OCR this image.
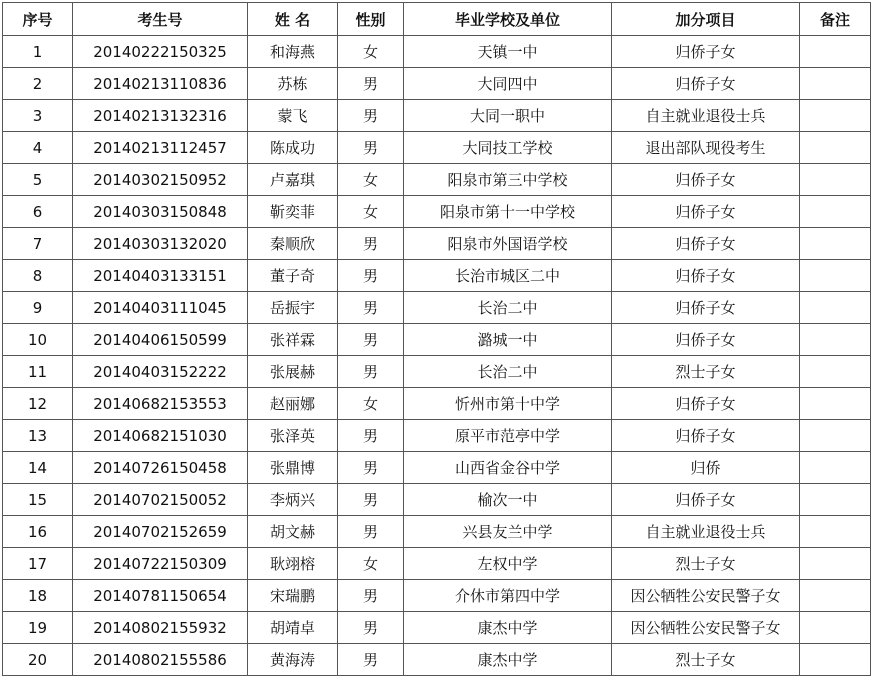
序号	考生号	姓 名	性别	毕业学校及单位	加分项目	备注
1	20140222150325	和海燕	女	天镇一中	归侨子女	
2	20140213110836	苏栋	男	大同四中	归侨子女	
3	20140213132316	蒙飞	男	大同一职中	自主就业退役士兵	
4	20140213112457	陈成功	男	大同技工学校	退出部队现役考生	
5	20140302150952	卢嘉琪	女	阳泉市第三中学校	归侨子女	
6	20140303150848	靳奕菲	女	阳泉市第十一中学校	归侨子女	
7	20140303132020	秦顺欣	男	阳泉市外国语学校	归侨子女	
8	20140403133151	董子奇	男	长治市城区二中	归侨子女	
9	20140403111045	岳振宇	男	长治二中	归侨子女	
10	20140406150599	张祥霖	男	潞城一中	归侨子女	
11	20140403152222	张展赫	男	长治二中	烈士子女	
12	20140682153553	赵丽娜	女	忻州市第十中学	归侨子女	
13	20140682151030	张泽英	男	原平市范亭中学	归侨子女	
14	20140726150458	张鼎博	男	山西省金谷中学	归侨	
15	20140702150052	李炳兴	男	榆次一中	归侨子女	
16	20140702152659	胡文赫	男	兴县友兰中学	自主就业退役士兵	
17	20140722150309	耿翊榕	女	左权中学	烈士子女	
18	20140781150654	宋瑞鹏	男	介休市第四中学	因公牺牲公安民警子女	
19	20140802155932	胡靖卓	男	康杰中学	因公牺牲公安民警子女	
20	20140802155586	黄海涛	男	康杰中学	烈士子女	
